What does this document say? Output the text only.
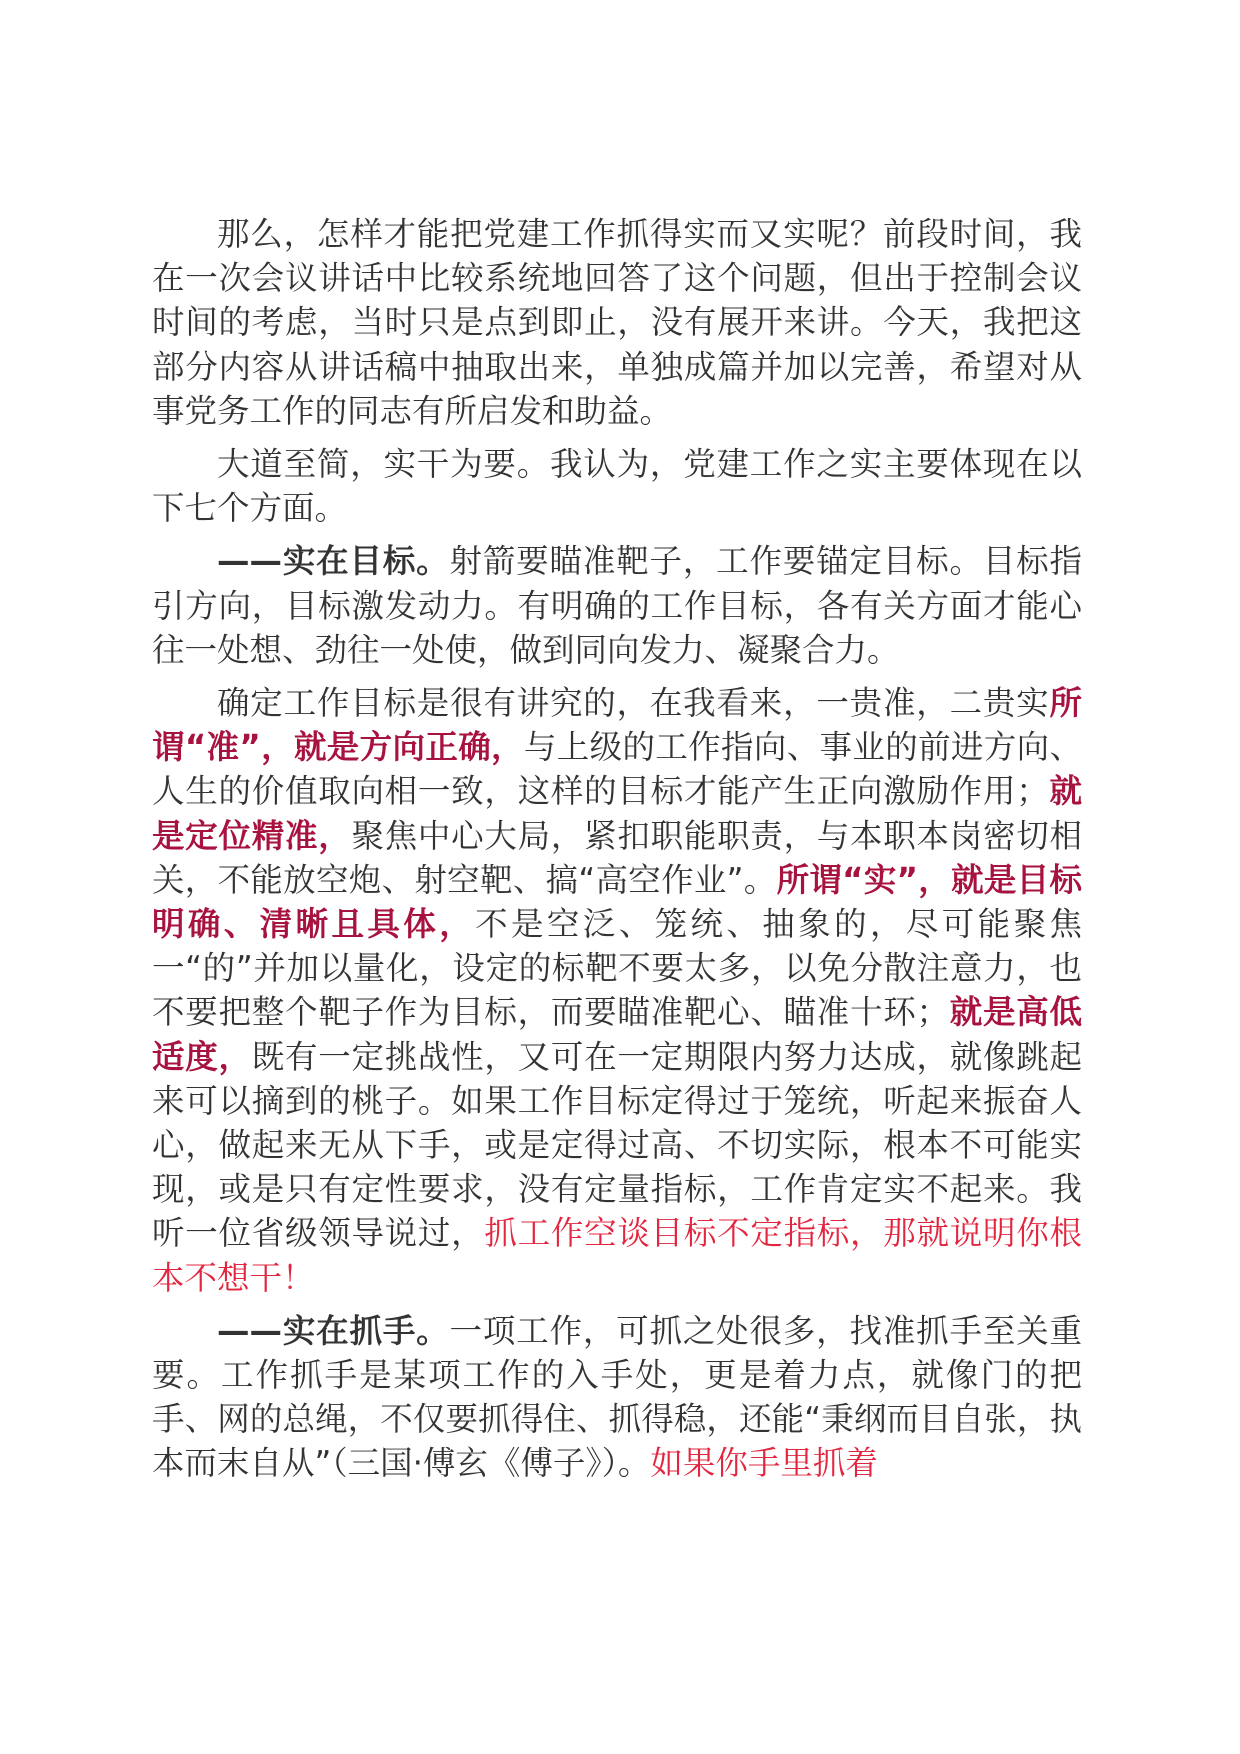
那么，怎样才能把党建工作抓得实而又实呢？前段时间，我在一次会议讲话中比较系统地回答了这个问题，但出于控制会议时间的考虑，当时只是点到即止，没有展开来讲。今天，我把这部分内容从讲话稿中抽取出来，单独成篇并加以完善，希望对从事党务工作的同志有所启发和助益。

大道至简，实干为要。我认为，党建工作之实主要体现在以下七个方面。

——实在目标。射箭要瞄准靶子，工作要锚定目标。目标指引方向，目标激发动力。有明确的工作目标，各有关方面才能心往一处想、劲往一处使，做到同向发力、凝聚合力。

确定工作目标是很有讲究的，在我看来，一贵准，二贵实所谓“准”，就是方向正确，与上级的工作指向、事业的前进方向、人生的价值取向相一致，这样的目标才能产生正向激励作用；就是定位精准，聚焦中心大局，紧扣职能职责，与本职本岗密切相关，不能放空炮、射空靶、搞“高空作业”。所谓“实”，就是目标明确、清晰且具体，不是空泛、笼统、抽象的，尽可能聚焦一“的”并加以量化，设定的标靶不要太多，以免分散注意力，也不要把整个靶子作为目标，而要瞄准靶心、瞄准十环；就是高低适度，既有一定挑战性，又可在一定期限内努力达成，就像跳起来可以摘到的桃子。如果工作目标定得过于笼统，听起来振奋人心，做起来无从下手，或是定得过高、不切实际，根本不可能实现，或是只有定性要求，没有定量指标，工作肯定实不起来。我听一位省级领导说过，抓工作空谈目标不定指标，那就说明你根本不想干！

——实在抓手。一项工作，可抓之处很多，找准抓手至关重要。工作抓手是某项工作的入手处，更是着力点，就像门的把手、网的总绳，不仅要抓得住、抓得稳，还能“秉纲而目自张，执本而末自从”（三国·傅玄《傅子》）。如果你手里抓着
